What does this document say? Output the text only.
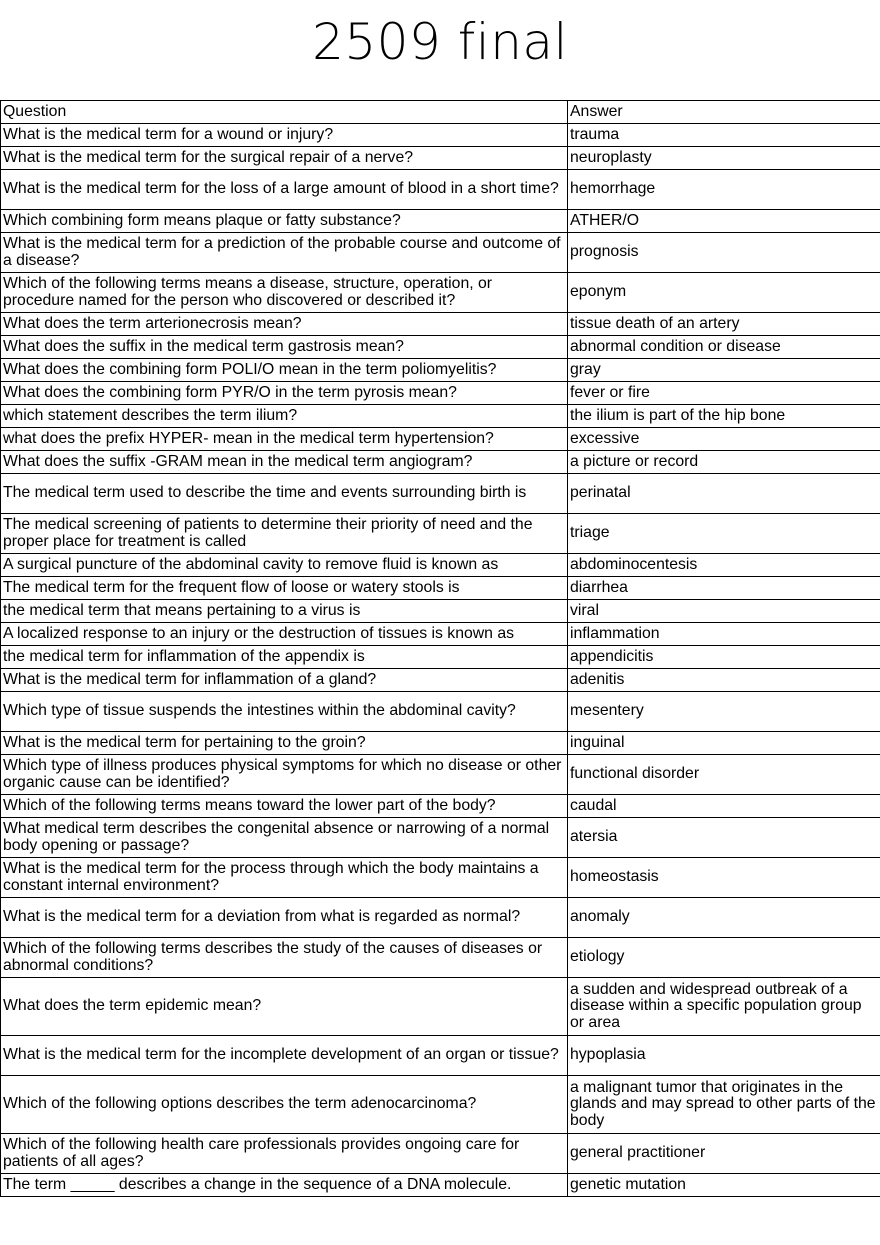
2509 final
Question	Answer
What is the medical term for a wound or injury?	trauma
What is the medical term for the surgical repair of a nerve?	neuroplasty
What is the medical term for the loss of a large amount of blood in a short time?	hemorrhage
Which combining form means plaque or fatty substance?	ATHER/O
What is the medical term for a prediction of the probable course and outcome of a disease?	prognosis
Which of the following terms means a disease, structure, operation, or procedure named for the person who discovered or described it?	eponym
What does the term arterionecrosis mean?	tissue death of an artery
What does the suffix in the medical term gastrosis mean?	abnormal condition or disease
What does the combining form POLI/O mean in the term poliomyelitis?	gray
What does the combining form PYR/O in the term pyrosis mean?	fever or fire
which statement describes the term ilium?	the ilium is part of the hip bone
what does the prefix HYPER- mean in the medical term hypertension?	excessive
What does the suffix -GRAM mean in the medical term angiogram?	a picture or record
The medical term used to describe the time and events surrounding birth is	perinatal
The medical screening of patients to determine their priority of need and the proper place for treatment is called	triage
A surgical puncture of the abdominal cavity to remove fluid is known as	abdominocentesis
The medical term for the frequent flow of loose or watery stools is	diarrhea
the medical term that means pertaining to a virus is	viral
A localized response to an injury or the destruction of tissues is known as	inflammation
the medical term for inflammation of the appendix is	appendicitis
What is the medical term for inflammation of a gland?	adenitis
Which type of tissue suspends the intestines within the abdominal cavity?	mesentery
What is the medical term for pertaining to the groin?	inguinal
Which type of illness produces physical symptoms for which no disease or other organic cause can be identified?	functional disorder
Which of the following terms means toward the lower part of the body?	caudal
What medical term describes the congenital absence or narrowing of a normal body opening or passage?	atersia
What is the medical term for the process through which the body maintains a constant internal environment?	homeostasis
What is the medical term for a deviation from what is regarded as normal?	anomaly
Which of the following terms describes the study of the causes of diseases or abnormal conditions?	etiology
What does the term epidemic mean?	a sudden and widespread outbreak of a disease within a specific population group or area
What is the medical term for the incomplete development of an organ or tissue?	hypoplasia
Which of the following options describes the term adenocarcinoma?	a malignant tumor that originates in the glands and may spread to other parts of the body
Which of the following health care professionals provides ongoing care for patients of all ages?	general practitioner
The term _____ describes a change in the sequence of a DNA molecule.	genetic mutation
